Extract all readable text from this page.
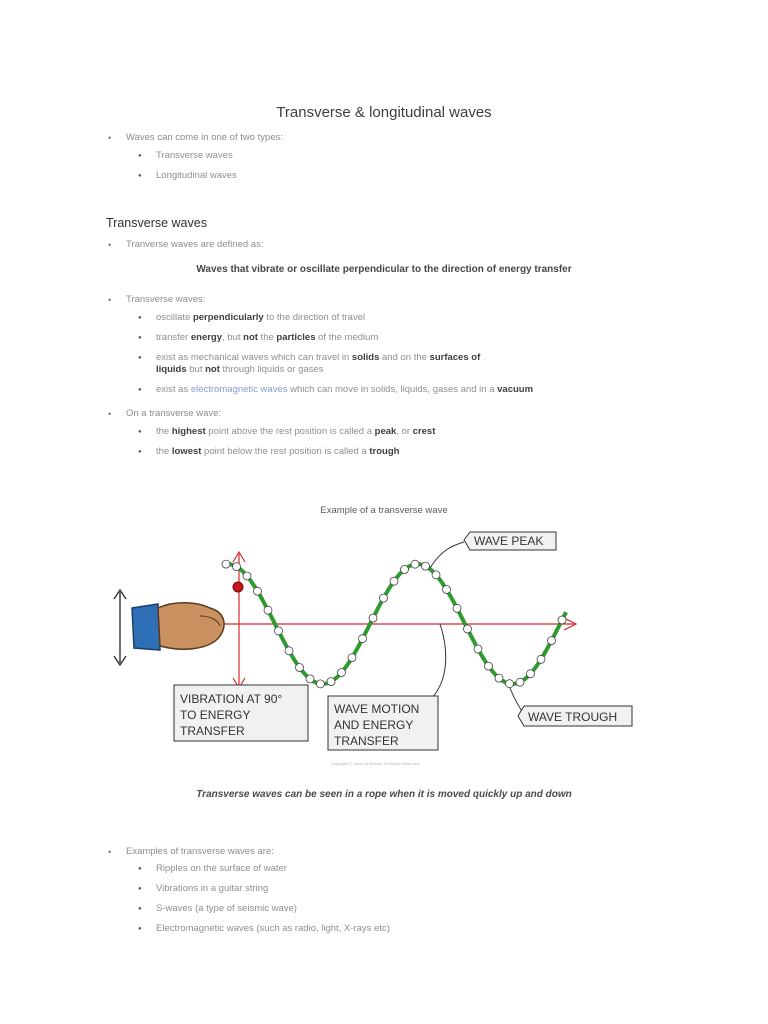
Transverse & longitudinal waves
• Waves can come in one of two types:
● Transverse waves
● Longitudinal waves
Transverse waves
• Tranverse waves are defined as:
Waves that vibrate or oscillate perpendicular to the direction of energy transfer
• Transverse waves:
● oscillate perpendicularly to the direction of travel
● transfer energy, but not the particles of the medium
● exist as mechanical waves which can travel in solids and on the surfaces of
liquids but not through liquids or gases
● exist as electromagnetic waves which can move in solids, liquids, gases and in a vacuum
• On a transverse wave:
● the highest point above the rest position is called a peak, or crest
● the lowest point below the rest position is called a trough
Example of a transverse wave
WAVE PEAK
WAVE TROUGH
VIBRATION AT 90°
TO ENERGY
TRANSFER
WAVE MOTION
AND ENERGY
TRANSFER
Copyright © Save My Exams. All Rights Reserved
Transverse waves can be seen in a rope when it is moved quickly up and down
• Examples of transverse waves are:
● Ripples on the surface of water
● Vibrations in a guitar string
● S-waves (a type of seismic wave)
● Electromagnetic waves (such as radio, light, X-rays etc)
